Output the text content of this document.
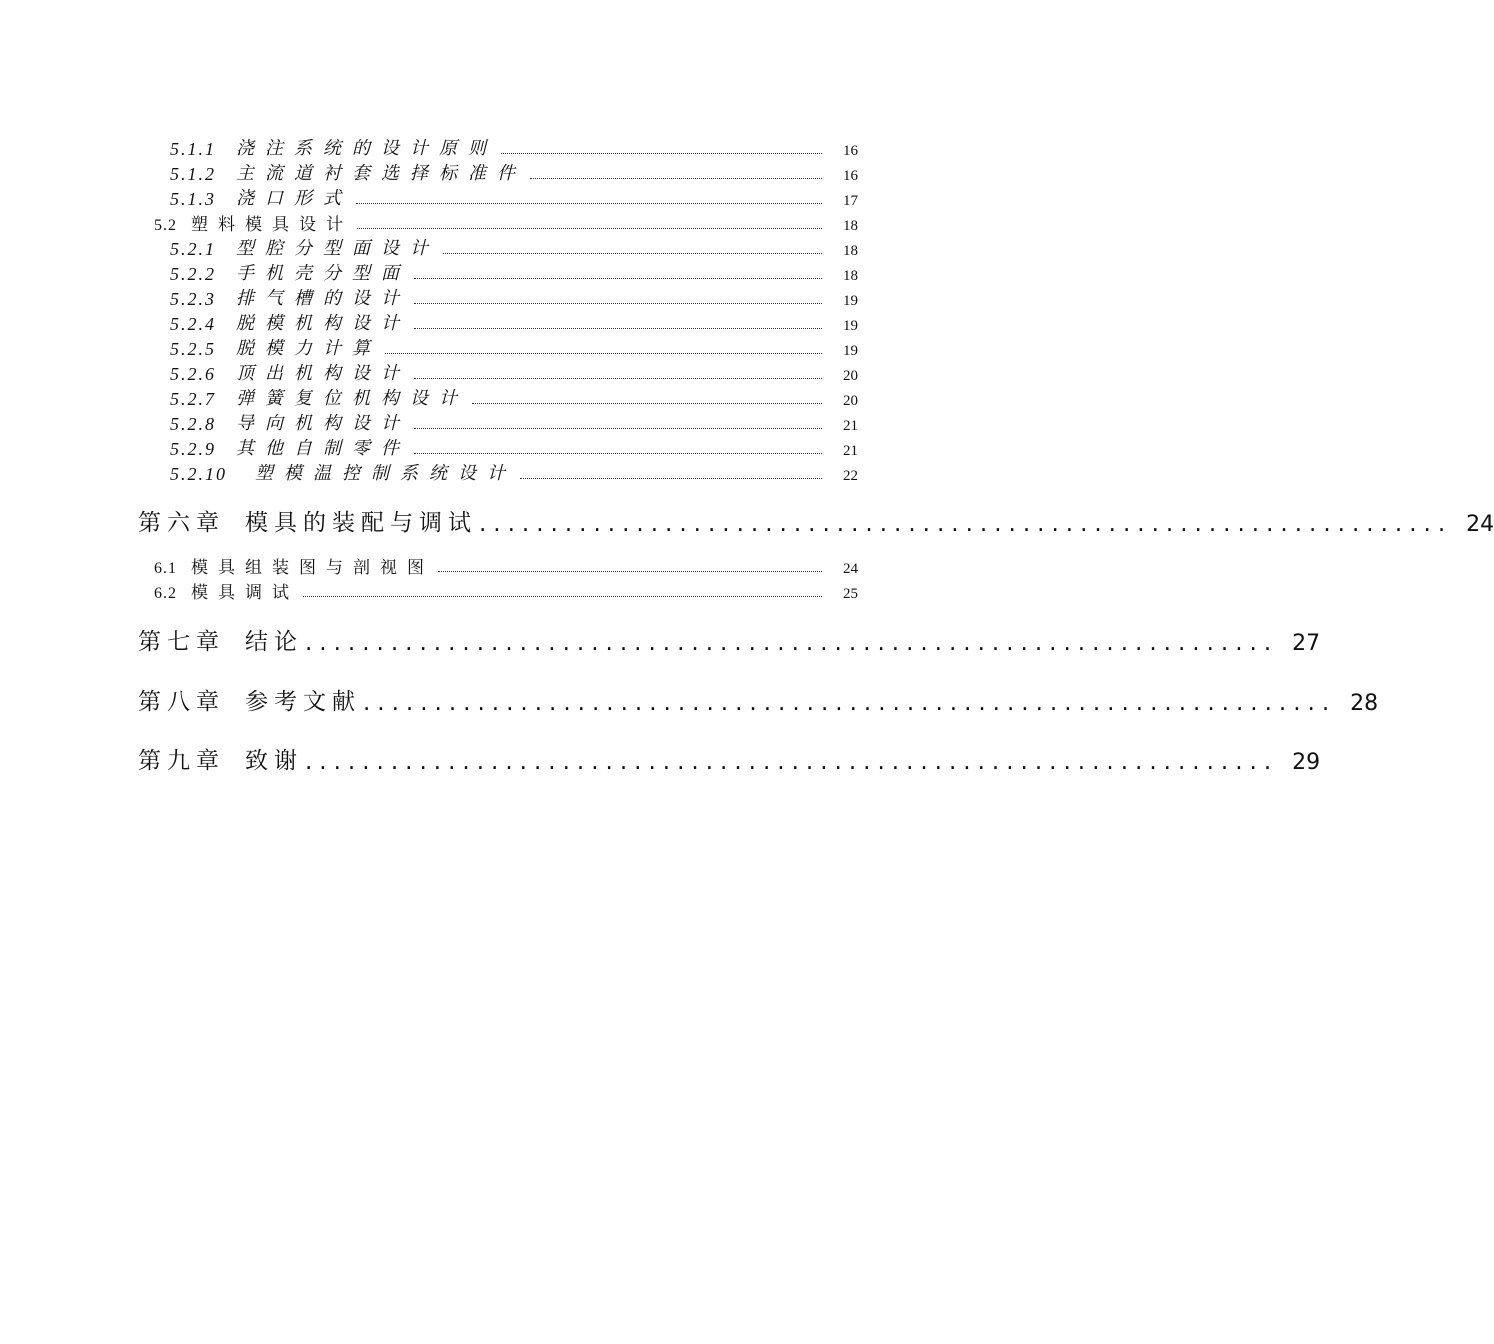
5.1.1 浇注系统的设计原则	16
5.1.2 主流道衬套选择标准件	16
5.1.3 浇口形式	17
5.2 塑料模具设计	18
5.2.1 型腔分型面设计	18
5.2.2 手机壳分型面	18
5.2.3 排气槽的设计	19
5.2.4 脱模机构设计	19
5.2.5 脱模力计算	19
5.2.6 顶出机构设计	20
5.2.7 弹簧复位机构设计	20
5.2.8 导向机构设计	21
5.2.9 其他自制零件	21
5.2.10 塑模温控制系统设计	22
第六章 模具的装配与调试 .................................................................... 24
6.1 模具组装图与剖视图	24
6.2 模具调试	25
第七章 结论 .................................................................... 27
第八章 参考文献 .................................................................... 28
第九章 致谢 .................................................................... 29
